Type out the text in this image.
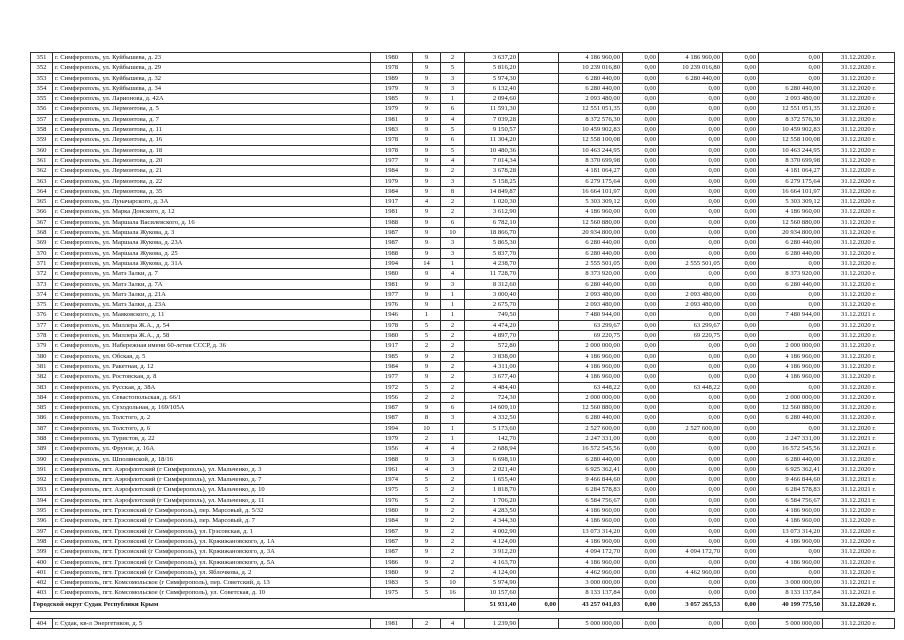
351	г. Симферополь, ул. Куйбышева, д. 23	1980	9	2	3 637,20		4 186 960,00	0,00	4 186 960,00	0,00	0,00	31.12.2020 г.
352	г. Симферополь, ул. Куйбышева, д. 29	1978	9	5	5 816,20		10 239 016,80	0,00	10 239 016,80	0,00	0,00	31.12.2020 г.
353	г. Симферополь, ул. Куйбышева, д. 32	1989	9	3	5 974,30		6 280 440,00	0,00	6 280 440,00	0,00	0,00	31.12.2020 г.
354	г. Симферополь, ул. Куйбышева, д. 34	1979	9	3	6 132,40		6 280 440,00	0,00	0,00	0,00	6 280 440,00	31.12.2020 г.
355	г. Симферополь, ул. Ларионова, д. 42А	1985	9	1	2 094,60		2 093 480,00	0,00	0,00	0,00	2 093 480,00	31.12.2020 г.
356	г. Симферополь, ул. Лермонтова, д. 5	1979	9	6	11 591,30		12 551 051,35	0,00	0,00	0,00	12 551 051,35	31.12.2020 г.
357	г. Симферополь, ул. Лермонтова, д. 7	1981	9	4	7 039,28		8 372 576,30	0,00	0,00	0,00	8 372 576,30	31.12.2020 г.
358	г. Симферополь, ул. Лермонтова, д. 11	1983	9	5	9 150,57		10 459 902,83	0,00	0,00	0,00	10 459 902,83	31.12.2020 г.
359	г. Симферополь, ул. Лермонтова, д. 16	1978	9	6	11 304,20		12 558 100,08	0,00	0,00	0,00	12 558 100,08	31.12.2020 г.
360	г. Симферополь, ул. Лермонтова, д. 18	1978	9	5	10 480,36		10 463 244,95	0,00	0,00	0,00	10 463 244,95	31.12.2020 г.
361	г. Симферополь, ул. Лермонтова, д. 20	1977	9	4	7 014,34		8 370 699,98	0,00	0,00	0,00	8 370 699,98	31.12.2020 г.
362	г. Симферополь, ул. Лермонтова, д. 21	1984	9	2	3 678,28		4 181 064,27	0,00	0,00	0,00	4 181 064,27	31.12.2020 г.
363	г. Симферополь, ул. Лермонтова, д. 22	1979	9	3	5 158,25		6 279 175,64	0,00	0,00	0,00	6 279 175,64	31.12.2020 г.
364	г. Симферополь, ул. Лермонтова, д. 35	1984	9	8	14 849,87		16 664 101,97	0,00	0,00	0,00	16 664 101,97	31.12.2020 г.
365	г. Симферополь, ул. Луначарского, д. 3А	1917	4	2	1 020,30		5 303 309,12	0,00	0,00	0,00	5 303 309,12	31.12.2020 г.
366	г. Симферополь, ул. Марка Донского, д. 12	1981	9	2	3 612,90		4 186 960,00	0,00	0,00	0,00	4 186 960,00	31.12.2020 г.
367	г. Симферополь, ул. Маршала Василевского, д. 16	1988	9	6	6 782,10		12 560 880,00	0,00	0,00	0,00	12 560 880,00	31.12.2020 г.
368	г. Симферополь, ул. Маршала Жукова, д. 3	1987	9	10	18 866,70		20 934 800,00	0,00	0,00	0,00	20 934 800,00	31.12.2020 г.
369	г. Симферополь, ул. Маршала Жукова, д. 23А	1987	9	3	5 865,30		6 280 440,00	0,00	0,00	0,00	6 280 440,00	31.12.2020 г.
370	г. Симферополь, ул. Маршала Жукова, д. 25	1988	9	3	5 837,70		6 280 440,00	0,00	0,00	0,00	6 280 440,00	31.12.2020 г.
371	г. Симферополь, ул. Маршала Жукова, д. 31А	1994	14	1	4 238,70		2 555 501,05	0,00	2 555 501,05	0,00	0,00	31.12.2020 г.
372	г. Симферополь, ул. Матэ Залки, д. 7	1980	9	4	11 728,70		8 373 920,00	0,00	0,00	0,00	8 373 920,00	31.12.2020 г.
373	г. Симферополь, ул. Матэ Залки, д. 7А	1981	9	3	8 312,60		6 280 440,00	0,00	0,00	0,00	6 280 440,00	31.12.2020 г.
374	г. Симферополь, ул. Матэ Залки, д. 21А	1977	9	1	3 000,40		2 093 480,00	0,00	2 093 480,00	0,00	0,00	31.12.2020 г.
375	г. Симферополь, ул. Матэ Залки, д. 23А	1976	9	1	2 675,70		2 093 480,00	0,00	2 093 480,00	0,00	0,00	31.12.2020 г.
376	г. Симферополь, ул. Маяковского, д. 11	1946	1	1	749,50		7 480 944,00	0,00	0,00	0,00	7 480 944,00	31.12.2021 г.
377	г. Симферополь, ул. Миллера Ж.А., д. 54	1978	5	2	4 474,20		63 299,67	0,00	63 299,67	0,00	0,00	31.12.2020 г.
378	г. Симферополь, ул. Миллера Ж.А., д. 58	1980	5	2	4 897,70		69 220,75	0,00	69 220,75	0,00	0,00	31.12.2020 г.
379	г. Симферополь, ул. Набережная имени 60-летия СССР, д. 36	1917	2	2	572,80		2 000 000,00	0,00	0,00	0,00	2 000 000,00	31.12.2020 г.
380	г. Симферополь, ул. Обская, д. 5	1985	9	2	3 838,00		4 186 960,00	0,00	0,00	0,00	4 186 960,00	31.12.2020 г.
381	г. Симферополь, ул. Ракетная, д. 12	1984	9	2	4 311,00		4 186 960,00	0,00	0,00	0,00	4 186 960,00	31.12.2020 г.
382	г. Симферополь, ул. Ростовская, д. 8	1977	9	2	3 677,40		4 186 960,00	0,00	0,00	0,00	4 186 960,00	31.12.2020 г.
383	г. Симферополь, ул. Русская, д. 38А	1972	5	2	4 484,40		63 448,22	0,00	63 448,22	0,00	0,00	31.12.2020 г.
384	г. Симферополь, ул. Севастопольская, д. 66/1	1956	2	2	724,30		2 000 000,00	0,00	0,00	0,00	2 000 000,00	31.12.2020 г.
385	г. Симферополь, ул. Суходольная, д. 169/105А	1987	9	6	14 609,10		12 560 880,00	0,00	0,00	0,00	12 560 880,00	31.12.2020 г.
386	г. Симферополь, ул. Толстого, д. 2	1987	8	3	4 332,50		6 280 440,00	0,00	0,00	0,00	6 280 440,00	31.12.2020 г.
387	г. Симферополь, ул. Толстого, д. 6	1994	10	1	5 173,60		2 527 600,00	0,00	2 527 600,00	0,00	0,00	31.12.2020 г.
388	г. Симферополь, ул. Туристов, д. 22	1979	2	1	142,70		2 247 331,00	0,00	0,00	0,00	2 247 331,00	31.12.2021 г.
389	г. Симферополь, ул. Фрунзе, д. 16А	1956	4	4	2 688,94		16 572 545,56	0,00	0,00	0,00	16 572 545,56	31.12.2021 г.
390	г. Симферополь, ул. Шполянской, д. 18/16	1988	9	3	6 698,10		6 280 440,00	0,00	0,00	0,00	6 280 440,00	31.12.2020 г.
391	г. Симферополь, пгт. Аэрофлотский (г Симферополь), ул. Мальченко, д. 3	1961	4	3	2 021,40		6 925 362,41	0,00	0,00	0,00	6 925 362,41	31.12.2020 г.
392	г. Симферополь, пгт. Аэрофлотский (г Симферополь), ул. Мальченко, д. 7	1974	5	2	1 655,40		9 466 844,60	0,00	0,00	0,00	9 466 844,60	31.12.2021 г.
393	г. Симферополь, пгт. Аэрофлотский (г Симферополь), ул. Мальченко, д. 10	1975	5	2	1 818,70		6 284 578,83	0,00	0,00	0,00	6 284 578,83	31.12.2021 г.
394	г. Симферополь, пгт. Аэрофлотский (г Симферополь), ул. Мальченко, д. 11	1976	5	2	1 706,20		6 584 756,67	0,00	0,00	0,00	6 584 756,67	31.12.2021 г.
395	г. Симферополь, пгт. Грэсовский (г Симферополь), пер. Марсовый, д. 5/32	1980	9	2	4 283,50		4 186 960,00	0,00	0,00	0,00	4 186 960,00	31.12.2020 г.
396	г. Симферополь, пгт. Грэсовский (г Симферополь), пер. Марсовый, д. 7	1984	9	2	4 344,30		4 186 960,00	0,00	0,00	0,00	4 186 960,00	31.12.2020 г.
397	г. Симферополь, пгт. Грэсовский (г Симферополь), ул. Грэсовская, д. 1	1987	9	2	4 002,90		13 073 314,20	0,00	0,00	0,00	13 073 314,20	31.12.2020 г.
398	г. Симферополь, пгт. Грэсовский (г Симферополь), ул. Кржижановского, д. 1А	1987	9	2	4 124,00		4 186 960,00	0,00	0,00	0,00	4 186 960,00	31.12.2020 г.
399	г. Симферополь, пгт. Грэсовский (г Симферополь), ул. Кржижановского, д. 3А	1987	9	2	3 912,20		4 094 172,70	0,00	4 094 172,70	0,00	0,00	31.12.2020 г.
400	г. Симферополь, пгт. Грэсовский (г Симферополь), ул. Кржижановского, д. 5А	1986	9	2	4 163,70		4 186 960,00	0,00	0,00	0,00	4 186 960,00	31.12.2020 г.
401	г. Симферополь, пгт. Грэсовский (г Симферополь), ул. Яблочкова, д. 2	1980	9	2	4 124,00		4 462 960,00	0,00	4 462 960,00	0,00	0,00	31.12.2020 г.
402	г. Симферополь, пгт. Комсомольское (г Симферополь), пер. Советский, д. 13	1983	5	10	5 974,90		3 000 000,00	0,00	0,00	0,00	3 000 000,00	31.12.2021 г.
403	г. Симферополь, пгт. Комсомольское (г Симферополь), ул. Советская, д. 10	1975	5	16	10 157,60		8 133 137,84	0,00	0,00	0,00	8 133 137,84	31.12.2021 г.
Городской округ Судак Республики Крым					51 931,40	0,00	43 257 041,03	0,00	3 057 265,53	0,00	40 199 775,50	31.12.2020 г.

404	г. Судак, кв-л Энергетиков, д. 5	1981	2	4	1 239,90		5 000 000,00	0,00	0,00	0,00	5 000 000,00	31.12.2020 г.
